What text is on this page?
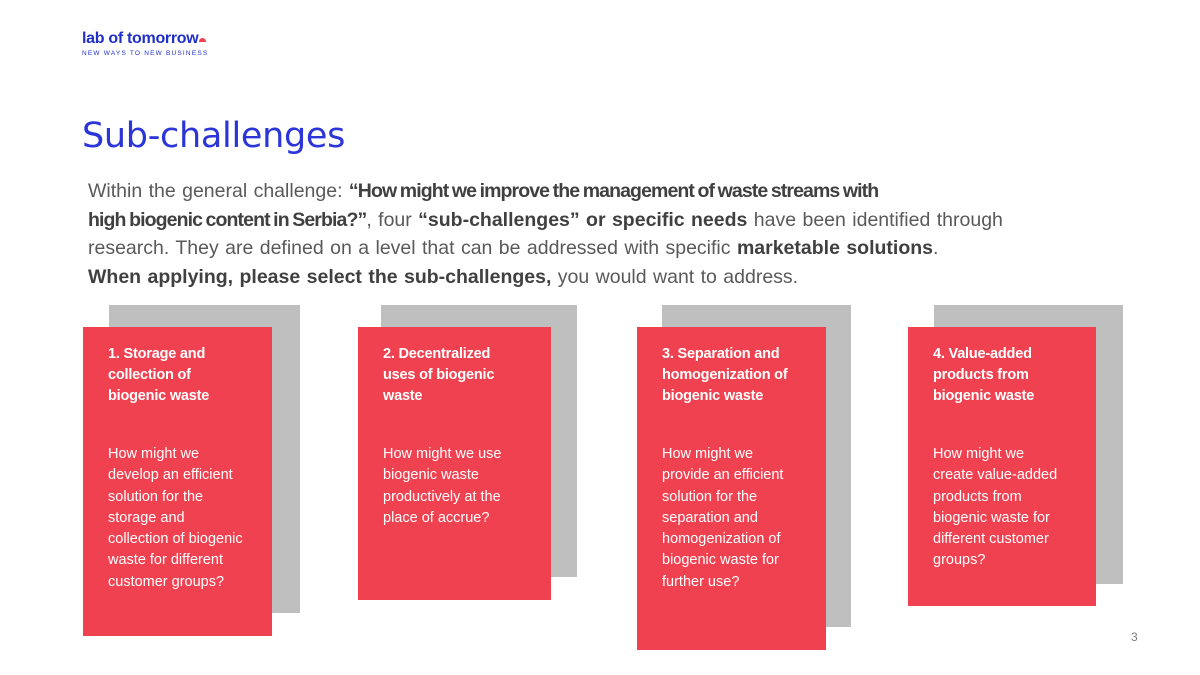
lab of tomorrow
NEW WAYS TO NEW BUSINESS
Sub-challenges

Within the general challenge: “How might we improve the management of waste streams with
high biogenic content in Serbia?”, four “sub-challenges” or specific needs have been identified through research. They are defined on a level that can be addressed with specific marketable solutions.
When applying, please select the sub-challenges, you would want to address.

1. Storage and collection of biogenic waste

How might we develop an efficient solution for the storage and collection of biogenic waste for different customer groups?

2. Decentralized uses of biogenic waste

How might we use biogenic waste productively at the place of accrue?

3. Separation and homogenization of biogenic waste

How might we provide an efficient solution for the separation and homogenization of biogenic waste for further use?

4. Value-added products from biogenic waste

How might we create value-added products from biogenic waste for different customer groups?

3
